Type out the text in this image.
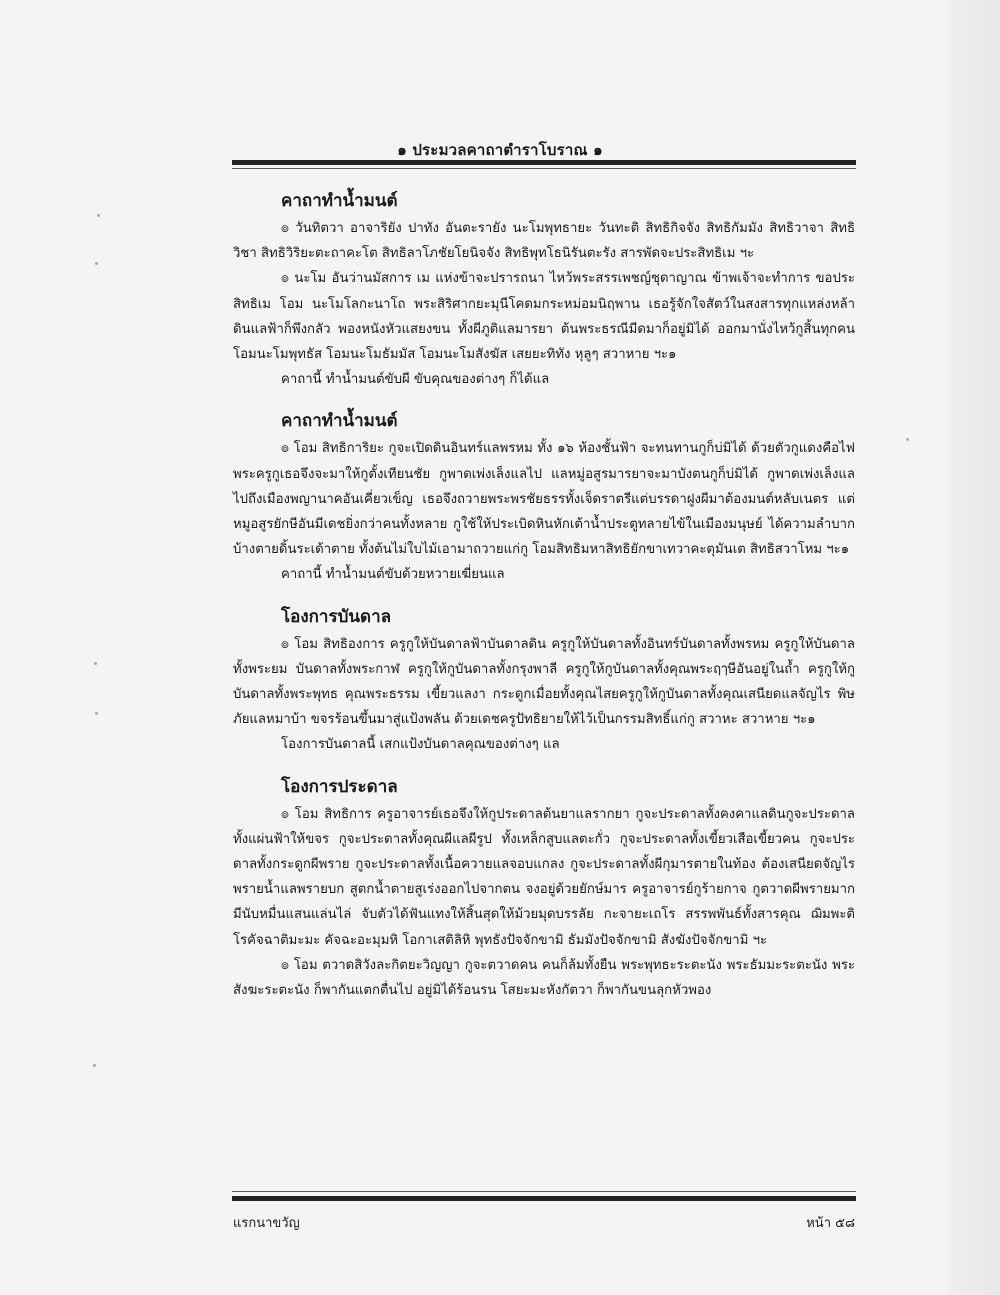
๑ ประมวลคาถาตำราโบราณ ๑

คาถาทำน้ำมนต์

๏ วันทิตวา อาจาริยัง ปาทัง อันตะรายัง นะโมพุทธายะ วันทะติ สิทธิกิจจัง สิทธิกัมมัง สิทธิวาจา สิทธิวิชา สิทธิวิริยะตะถาคะโต สิทธิลาโภชัยโยนิจจัง สิทธิพุทโธนิรันตะรัง สารพัดจะประสิทธิเม ฯะ

๏ นะโม อันว่านมัสการ เม แห่งข้าจะปรารถนา ไหว้พระสรรเพชญ์ชุดาญาณ ข้าพเจ้าจะทำการ ขอประสิทธิเม โอม นะโมโลกะนาโถ พระสิริศากยะมุนีโคดมกระหม่อมนิฤพาน เธอรู้จักใจสัตว์ในสงสารทุกแหล่งหล้า ดินแลฟ้าก็พึงกลัว พองหนังหัวแสยงขน ทั้งผีภูติแลมารยา ต้นพระธรณีมีดมาก็อยู่มิได้ ออกมานั่งไหว้กูสิ้นทุกคน โอมนะโมพุทธัส โอมนะโมธัมมัส โอมนะโมสังฆัส เสยยะทิทัง หุลูๆ สวาหาย ฯะ๑

คาถานี้ ทำน้ำมนต์ขับผี ขับคุณของต่างๆ ก็ได้แล

คาถาทำน้ำมนต์

๏ โอม สิทธิการิยะ กูจะเปิดดินอินทร์แลพรหม ทั้ง ๑๖ ห้องชั้นฟ้า จะทนทานกูก็บ่มิได้ ด้วยตัวกูแดงคือไฟ พระครูกูเธอจึงจะมาให้กูตั้งเทียนชัย กูพาดเพ่งเล็งแลไป แลหมู่อสูรมารยาจะมาบังตนกูก็บ่มิได้ กูพาดเพ่งเล็งแลไปถึงเมืองพญานาคอันเคี่ยวเข็ญ เธอจึงถวายพระพรชัยธรรทั้งเจ็ดราตรีแต่บรรดาฝูงผีมาต้องมนต์หลับเนตร แต่หมูอสูรยักษีอันมีเดชยิ่งกว่าคนทั้งหลาย กูใช้ให้ประเบิดหินหักเต้าน้ำประตูทลายไข้ในเมืองมนุษย์ ได้ความลำบากบ้างตายดิ้นระเด้าตาย ทั้งต้นไม่ใบไม้เอามาถวายแก่กู โอมสิทธิมหาสิทธิยักขาเทวาคะตุมันเต สิทธิสวาโหม ฯะ๑

คาถานี้ ทำน้ำมนต์ขับด้วยหวายเฆี่ยนแล

โองการบันดาล

๏ โอม สิทธิองการ ครูกูให้บันดาลฟ้าบันดาลดิน ครูกูให้บันดาลทั้งอินทร์บันดาลทั้งพรหม ครูกูให้บันดาลทั้งพระยม บันดาลทั้งพระกาฬ ครูกูให้กูบันดาลทั้งกรุงพาลี ครูกูให้กูบันดาลทั้งคุณพระฤๅษีอันอยู่ในถ้ำ ครูกูให้กูบันดาลทั้งพระพุทธ คุณพระธรรม เขี้ยวแลงา กระดูกเมื่อยทั้งคุณไสยครูกูให้กูบันดาลทั้งคุณเสนียดแลจัญไร พิษภัยแลหมาบ้า ขจรร้อนขึ้นมาสู่แป้งพลัน ด้วยเดชครูปัทธิยายให้ไว้เป็นกรรมสิทธิ์แก่กู สวาหะ สวาหาย ฯะ๑

โองการบันดาลนี้ เสกแป้งบันดาลคุณของต่างๆ แล

โองการประดาล

๏ โอม สิทธิการ ครูอาจารย์เธอจึงให้กูประดาลต้นยาแลรากยา กูจะประดาลทั้งคงคาแลดินกูจะประดาลทั้งแผ่นฟ้าให้ขจร กูจะประดาลทั้งคุณผีแลผีรูป ทั้งเหล็กสูบแลตะกั่ว กูจะประดาลทั้งเขี้ยวเสือเขี้ยวคน กูจะประดาลทั้งกระดูกผีพราย กูจะประดาลทั้งเนื้อควายแลจอบแกลง กูจะประดาลทั้งผีกุมารตายในท้อง ต้องเสนียดจัญไรพรายน้ำแลพรายบก สูตกน้ำตายสูเร่งออกไปจากตน จงอยู่ด้วยยักษ์มาร ครูอาจารย์กูร้ายกาจ กูตวาดผีพรายมากมีนับหมื่นแสนแล่นไล่ จับตัวได้ฟันแทงให้สิ้นสุดให้ม้วยมุดบรรลัย กะจายะเถโร สรรพพันธ์ทั้งสารคุณ ฌิมพะติโรคัจฉาติมะมะ คัจฉะอะมุมหิ โอกาเสติลิหิ พุทธังปัจจักขามิ ธัมมังปัจจักขามิ สังฆังปัจจักขามิ ฯะ

๏ โอม ตวาดสิวังละกิตยะวิญญา กูจะตวาดคน คนก็ล้มทั้งยืน พระพุทธะระตะนัง พระธัมมะระตะนัง พระสังฆะระตะนัง ก็พากันแตกตื่นไป อยู่มิได้ร้อนรน โสยะมะหังกัตวา ก็พากันขนลุกหัวพอง

แรกนาขวัญ	หน้า ๕๘
